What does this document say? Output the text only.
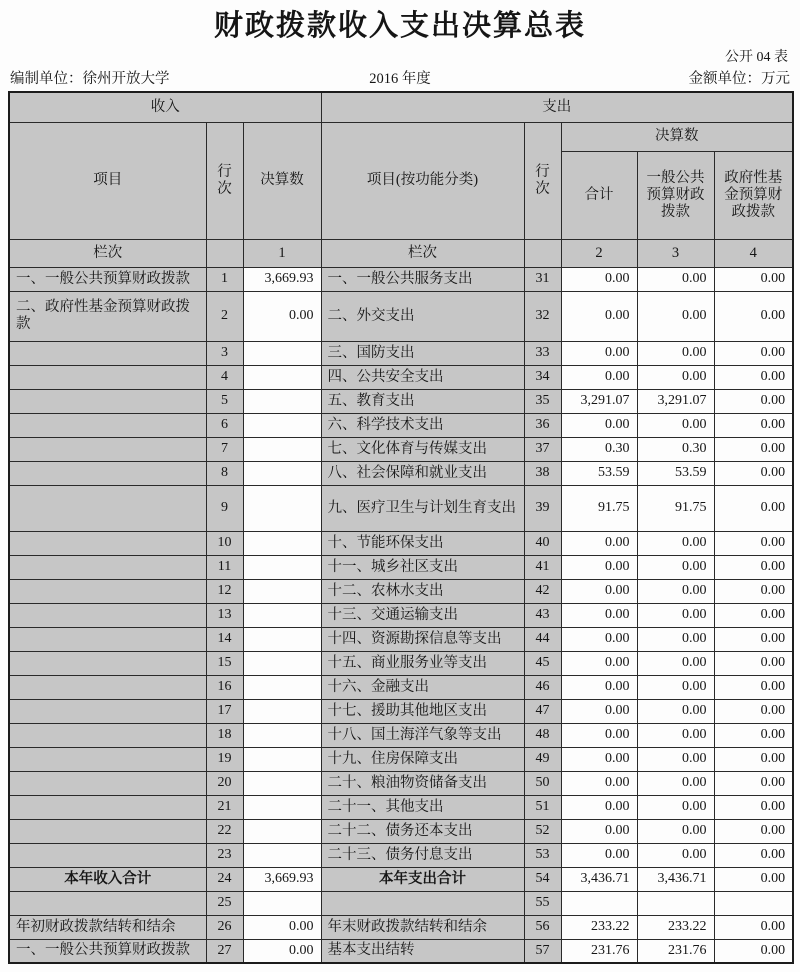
财政拨款收入支出决算总表
公开 04 表
编制单位：徐州开放大学	2016 年度	金额单位：万元
收入			支出				
项目	行次	决算数	项目(按功能分类)	行次	决算数		
					合计	一般公共预算财政拨款	政府性基金预算财政拨款
栏次		1	栏次		2	3	4
一、一般公共预算财政拨款	1	3,669.93	一、一般公共服务支出	31	0.00	0.00	0.00
二、政府性基金预算财政拨款	2	0.00	二、外交支出	32	0.00	0.00	0.00
	3		三、国防支出	33	0.00	0.00	0.00
	4		四、公共安全支出	34	0.00	0.00	0.00
	5		五、教育支出	35	3,291.07	3,291.07	0.00
	6		六、科学技术支出	36	0.00	0.00	0.00
	7		七、文化体育与传媒支出	37	0.30	0.30	0.00
	8		八、社会保障和就业支出	38	53.59	53.59	0.00
	9		九、医疗卫生与计划生育支出	39	91.75	91.75	0.00
	10		十、节能环保支出	40	0.00	0.00	0.00
	11		十一、城乡社区支出	41	0.00	0.00	0.00
	12		十二、农林水支出	42	0.00	0.00	0.00
	13		十三、交通运输支出	43	0.00	0.00	0.00
	14		十四、资源勘探信息等支出	44	0.00	0.00	0.00
	15		十五、商业服务业等支出	45	0.00	0.00	0.00
	16		十六、金融支出	46	0.00	0.00	0.00
	17		十七、援助其他地区支出	47	0.00	0.00	0.00
	18		十八、国土海洋气象等支出	48	0.00	0.00	0.00
	19		十九、住房保障支出	49	0.00	0.00	0.00
	20		二十、粮油物资储备支出	50	0.00	0.00	0.00
	21		二十一、其他支出	51	0.00	0.00	0.00
	22		二十二、债务还本支出	52	0.00	0.00	0.00
	23		二十三、债务付息支出	53	0.00	0.00	0.00
本年收入合计	24	3,669.93	本年支出合计	54	3,436.71	3,436.71	0.00
	25			55			
年初财政拨款结转和结余	26	0.00	年末财政拨款结转和结余	56	233.22	233.22	0.00
一、一般公共预算财政拨款	27	0.00	基本支出结转	57	231.76	231.76	0.00
